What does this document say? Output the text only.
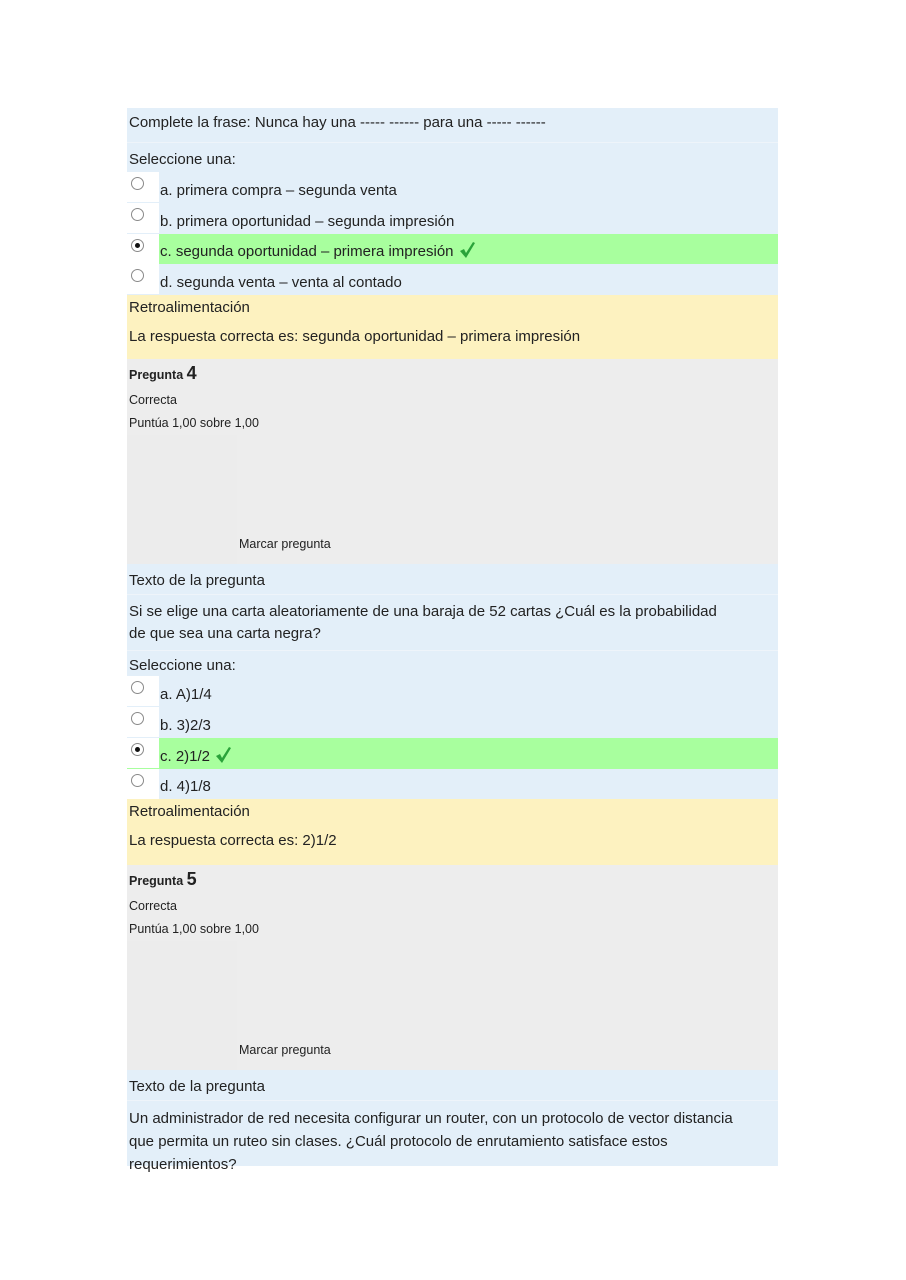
Complete la frase: Nunca hay una ----- ------ para una ----- ------
Seleccione una:
a. primera compra – segunda venta
b. primera oportunidad – segunda impresión
c. segunda oportunidad – primera impresión
d. segunda venta – venta al contado
Retroalimentación
La respuesta correcta es: segunda oportunidad – primera impresión
Pregunta 4
Correcta
Puntúa 1,00 sobre 1,00
Marcar pregunta
Texto de la pregunta
Si se elige una carta aleatoriamente de una baraja de 52 cartas ¿Cuál es la probabilidad
de que sea una carta negra?
Seleccione una:
a. A)1/4
b. 3)2/3
c. 2)1/2
d. 4)1/8
Retroalimentación
La respuesta correcta es: 2)1/2
Pregunta 5
Correcta
Puntúa 1,00 sobre 1,00
Marcar pregunta
Texto de la pregunta
Un administrador de red necesita configurar un router, con un protocolo de vector distancia
que permita un ruteo sin clases. ¿Cuál protocolo de enrutamiento satisface estos
requerimientos?
